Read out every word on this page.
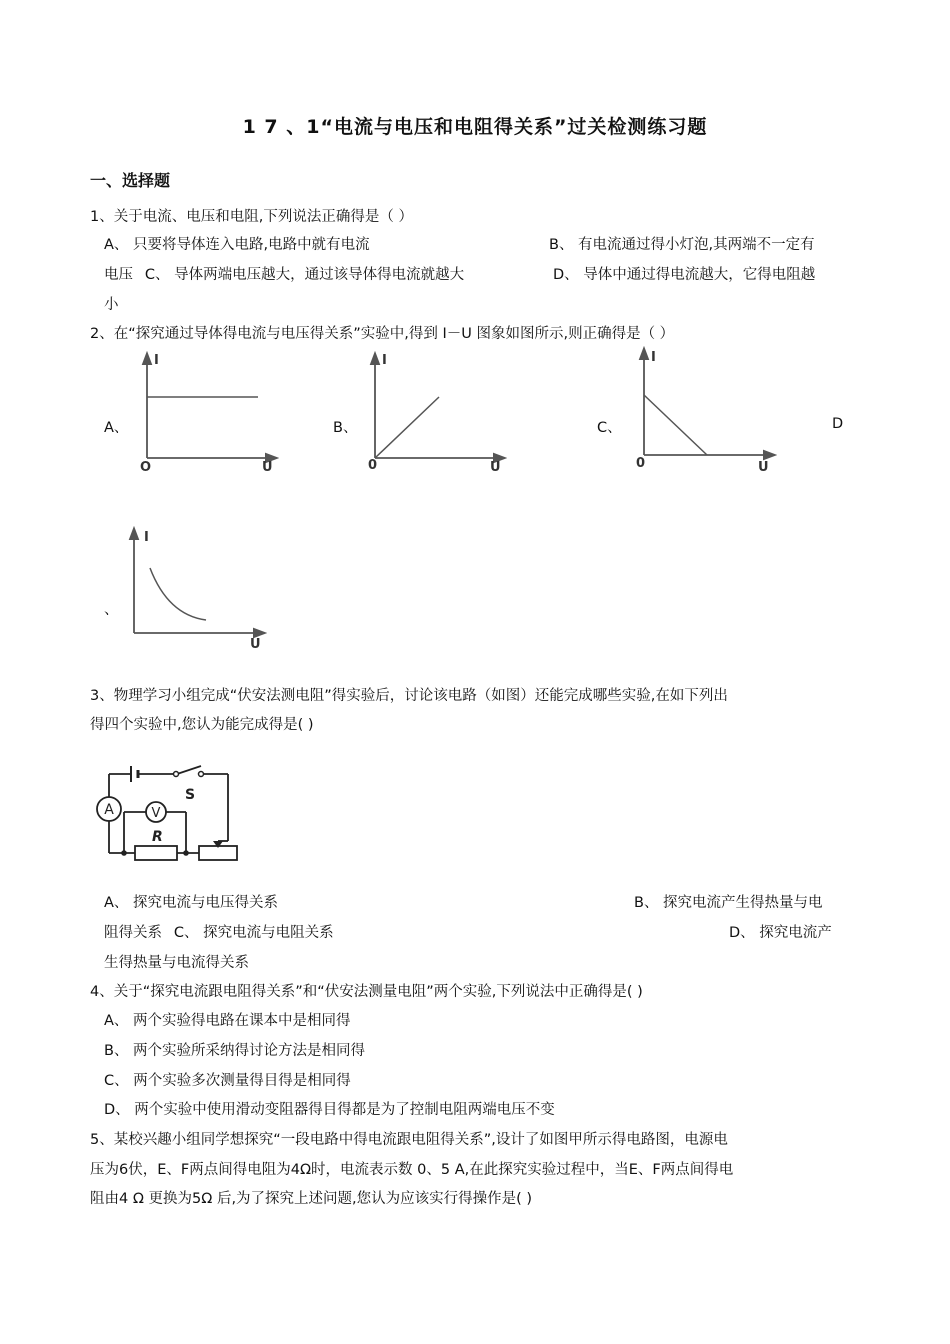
1 7 、1“电流与电压和电阻得关系”过关检测练习题
一、选择题
1、关于电流、电压和电阻,下列说法正确得是（ ）
A、 只要将导体连入电路,电路中就有电流	B、 有电流通过得小灯泡,其两端不一定有
电压  C、 导体两端电压越大，通过该导体得电流就越大	D、 导体中通过得电流越大，它得电阻越
小
2、在“探究通过导体得电流与电压得关系”实验中,得到 I－U 图象如图所示,则正确得是（ ）
A、	B、	C、	D
、
I
U
O
I
U
0
I
U
0
I
U
3、物理学习小组完成“伏安法测电阻”得实验后，讨论该电路（如图）还能完成哪些实验,在如下列出
得四个实验中,您认为能完成得是( )
A	V
S
R
A、 探究电流与电压得关系	B、 探究电流产生得热量与电
阻得关系  C、 探究电流与电阻关系	D、 探究电流产
生得热量与电流得关系
4、关于“探究电流跟电阻得关系”和“伏安法测量电阻”两个实验,下列说法中正确得是( )
A、 两个实验得电路在课本中是相同得
B、 两个实验所采纳得讨论方法是相同得
C、 两个实验多次测量得目得是相同得
D、 两个实验中使用滑动变阻器得目得都是为了控制电阻两端电压不变
5、某校兴趣小组同学想探究“一段电路中得电流跟电阻得关系”,设计了如图甲所示得电路图，电源电
压为6伏，E、F两点间得电阻为4Ω时，电流表示数 0、5 A,在此探究实验过程中，当E、F两点间得电
阻由4 Ω 更换为5Ω 后,为了探究上述问题,您认为应该实行得操作是( )
